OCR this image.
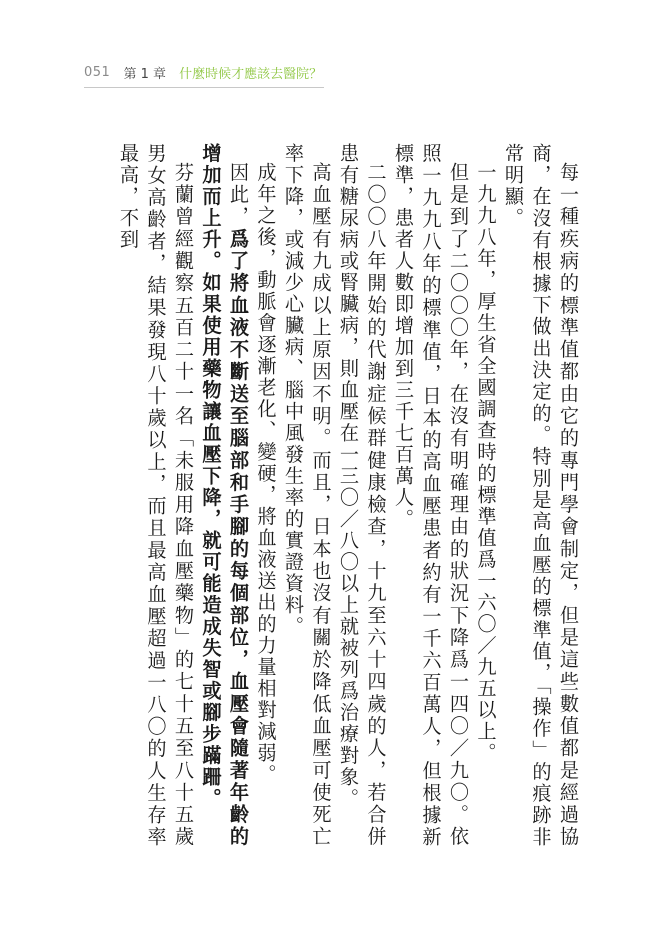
051 第 1 章 什麼時候才應該去醫院？

每一種疾病的標準值都由它的專門學會制定，但是這些數值都是經過協商，在沒有根據下做出決定的。特別是高血壓的標準值，「操作」的痕跡非常明顯。

一九九八年，厚生省全國調查時的標準值爲一六〇／九五以上。

但是到了二〇〇〇年，在沒有明確理由的狀況下降爲一四〇／九〇。依照一九九八年的標準值，日本的高血壓患者約有一千六百萬人，但根據新標準，患者人數即增加到三千七百萬人。

二〇〇八年開始的代謝症候群健康檢查，十九至六十四歲的人，若合併患有糖尿病或腎臟病，則血壓在一三〇／八〇以上就被列爲治療對象。

高血壓有九成以上原因不明。而且，日本也沒有關於降低血壓可使死亡率下降，或減少心臟病、腦中風發生率的實證資料。

成年之後，動脈會逐漸老化、變硬，將血液送出的力量相對減弱。

因此，爲了將血液不斷送至腦部和手腳的每個部位，血壓會隨著年齡的增加而上升。如果使用藥物讓血壓下降，就可能造成失智或腳步蹣跚。

芬蘭曾經觀察五百二十一名「未服用降血壓藥物」的七十五至八十五歲男女高齡者，結果發現八十歲以上，而且最高血壓超過一八〇的人生存率最高，不到
